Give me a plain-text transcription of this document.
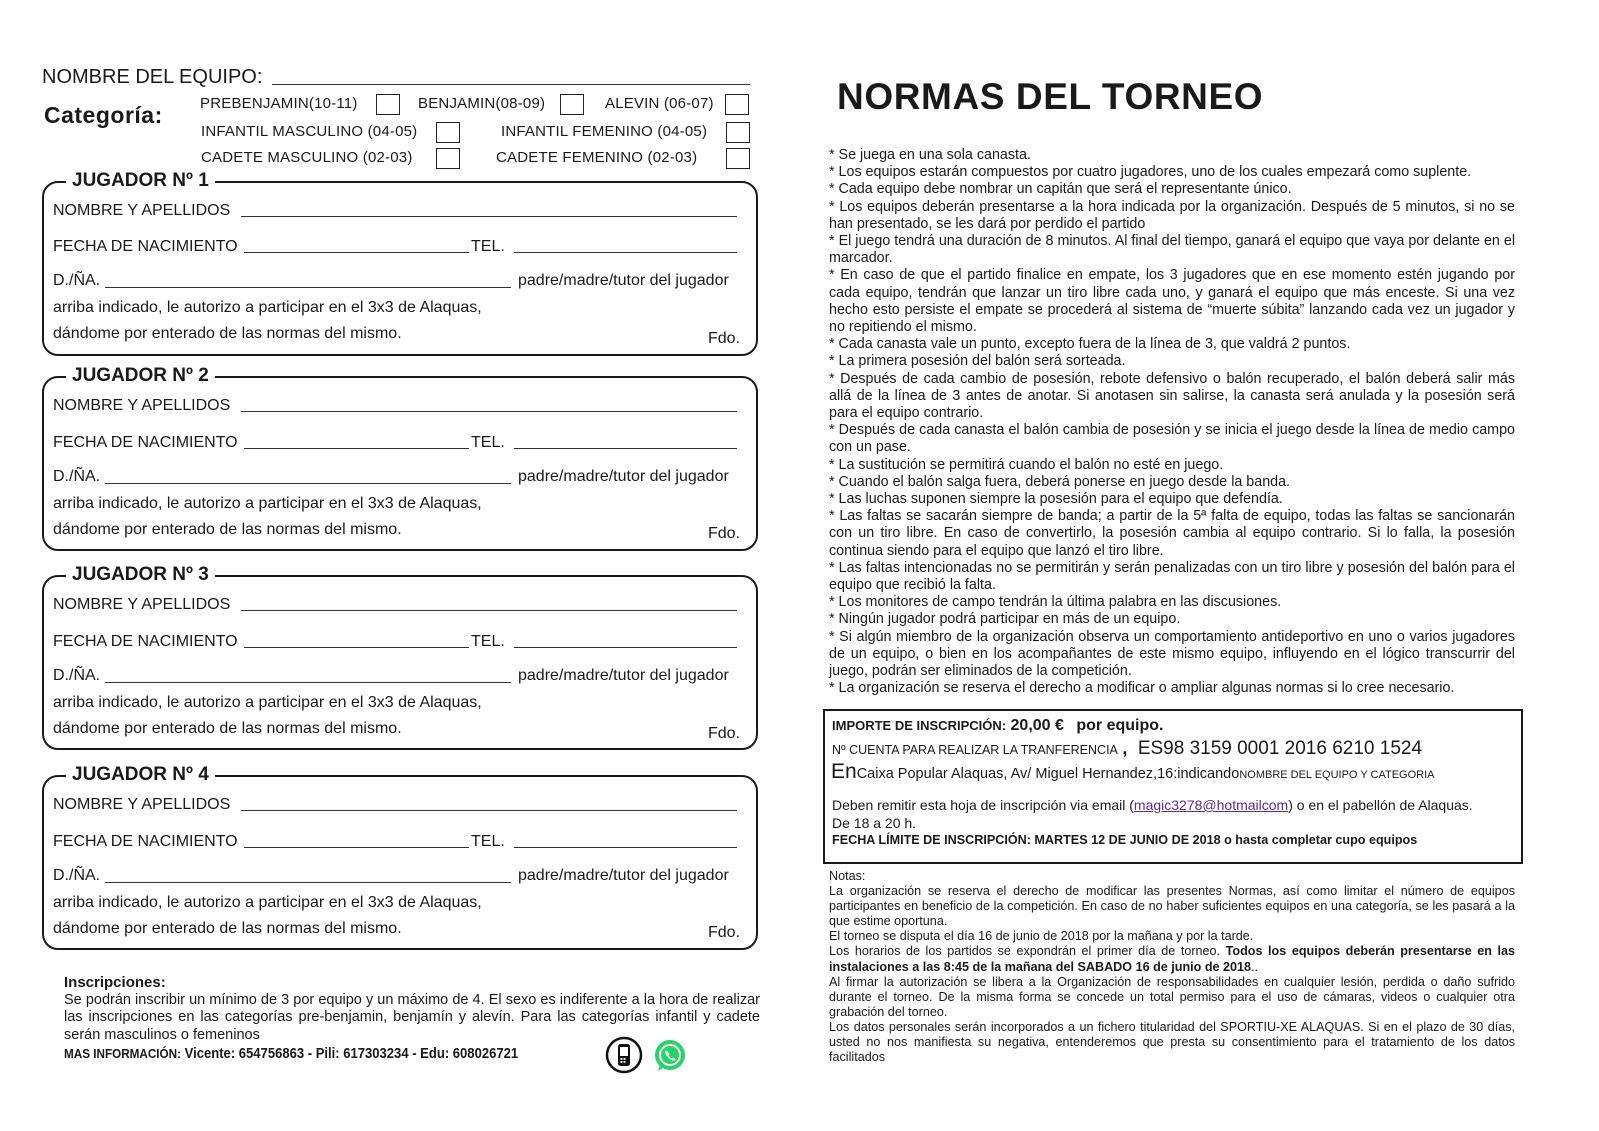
NOMBRE DEL EQUIPO:
Categoría: PREBENJAMIN(10-11)	BENJAMIN(08-09)	ALEVIN (06-07)
INFANTIL MASCULINO (04-05)	INFANTIL FEMENINO (04-05)
CADETE MASCULINO (02-03)	CADETE FEMENINO (02-03)
JUGADOR Nº 1
NOMBRE Y APELLIDOS
FECHA DE NACIMIENTO	TEL.
D./ÑA.	padre/madre/tutor del jugador
arriba indicado, le autorizo a participar en el 3x3 de Alaquas,
dándome por enterado de las normas del mismo.	Fdo.
JUGADOR Nº 2
NOMBRE Y APELLIDOS
FECHA DE NACIMIENTO	TEL.
D./ÑA.	padre/madre/tutor del jugador
arriba indicado, le autorizo a participar en el 3x3 de Alaquas,
dándome por enterado de las normas del mismo.	Fdo.
JUGADOR Nº 3
NOMBRE Y APELLIDOS
FECHA DE NACIMIENTO	TEL.
D./ÑA.	padre/madre/tutor del jugador
arriba indicado, le autorizo a participar en el 3x3 de Alaquas,
dándome por enterado de las normas del mismo.	Fdo.
JUGADOR Nº 4
NOMBRE Y APELLIDOS
FECHA DE NACIMIENTO	TEL.
D./ÑA.	padre/madre/tutor del jugador
arriba indicado, le autorizo a participar en el 3x3 de Alaquas,
dándome por enterado de las normas del mismo.	Fdo.
Inscripciones:
Se podrán inscribir un mínimo de 3 por equipo y un máximo de 4. El sexo es indiferente a la hora de realizar las inscripciones en las categorías pre-benjamin, benjamín y alevín. Para las categorías infantil y cadete serán masculinos o femeninos
MAS INFORMACIÓN: Vicente: 654756863 - Pili: 617303234 - Edu: 608026721
NORMAS DEL TORNEO

* Se juega en una sola canasta.

* Los equipos estarán compuestos por cuatro jugadores, uno de los cuales empezará como suplente.

* Cada equipo debe nombrar un capitán que será el representante único.

* Los equipos deberán presentarse a la hora indicada por la organización. Después de 5 minutos, si no se han presentado, se les dará por perdido el partido

* El juego tendrá una duración de 8 minutos. Al final del tiempo, ganará el equipo que vaya por delante en el marcador.

* En caso de que el partido finalice en empate, los 3 jugadores que en ese momento estén jugando por cada equipo, tendrán que lanzar un tiro libre cada uno, y ganará el equipo que más enceste. Si una vez hecho esto persiste el empate se procederá al sistema de “muerte súbita” lanzando cada vez un jugador y no repitiendo el mismo.

* Cada canasta vale un punto, excepto fuera de la línea de 3, que valdrá 2 puntos.

* La primera posesión del balón será sorteada.

* Después de cada cambio de posesión, rebote defensivo o balón recuperado, el balón deberá salir más allá de la línea de 3 antes de anotar. Si anotasen sin salirse, la canasta será anulada y la posesión será para el equipo contrario.

* Después de cada canasta el balón cambia de posesión y se inicia el juego desde la línea de medio campo con un pase.

* La sustitución se permitirá cuando el balón no esté en juego.

* Cuando el balón salga fuera, deberá ponerse en juego desde la banda.

* Las luchas suponen siempre la posesión para el equipo que defendía.

* Las faltas se sacarán siempre de banda; a partir de la 5ª falta de equipo, todas las faltas se sancionarán con un tiro libre. En caso de convertirlo, la posesión cambia al equipo contrario. Si lo falla, la posesión continua siendo para el equipo que lanzó el tiro libre.

* Las faltas intencionadas no se permitirán y serán penalizadas con un tiro libre y posesión del balón para el equipo que recibió la falta.

* Los monitores de campo tendrán la última palabra en las discusiones.

* Ningún jugador podrá participar en más de un equipo.

* Si algún miembro de la organización observa un comportamiento antideportivo en uno o varios jugadores de un equipo, o bien en los acompañantes de este mismo equipo, influyendo en el lógico transcurrir del juego, podrán ser eliminados de la competición.

* La organización se reserva el derecho a modificar o ampliar algunas normas si lo cree necesario.

IMPORTE DE INSCRIPCIÓN: 20,00 € por equipo.
Nº CUENTA PARA REALIZAR LA TRANFERENCIA , ES98 3159 0001 2016 6210 1524
EnCaixa Popular Alaquas, Av/ Miguel Hernandez,16:indicandoNOMBRE DEL EQUIPO Y CATEGORIA
Deben remitir esta hoja de inscripción via email (magic3278@hotmailcom) o en el pabellón de Alaquas.
De 18 a 20 h.
FECHA LÍMITE DE INSCRIPCIÓN: MARTES 12 DE JUNIO DE 2018 o hasta completar cupo equipos

Notas:

La organización se reserva el derecho de modificar las presentes Normas, así como limitar el número de equipos participantes en beneficio de la competición. En caso de no haber suficientes equipos en una categoría, se les pasará a la que estime oportuna.

El torneo se disputa el día 16 de junio de 2018 por la mañana y por la tarde.

Los horarios de los partidos se expondrán el primer día de torneo. Todos los equipos deberán presentarse en las instalaciones a las 8:45 de la mañana del SABADO 16 de junio de 2018..

Al firmar la autorización se libera a la Organización de responsabilidades en cualquier lesión, perdida o daño sufrido durante el torneo. De la misma forma se concede un total permiso para el uso de cámaras, videos o cualquier otra grabación del torneo.

Los datos personales serán incorporados a un fichero titularidad del SPORTIU-XE ALAQUAS. Si en el plazo de 30 días, usted no nos manifiesta su negativa, entenderemos que presta su consentimiento para el tratamiento de los datos facilitados
